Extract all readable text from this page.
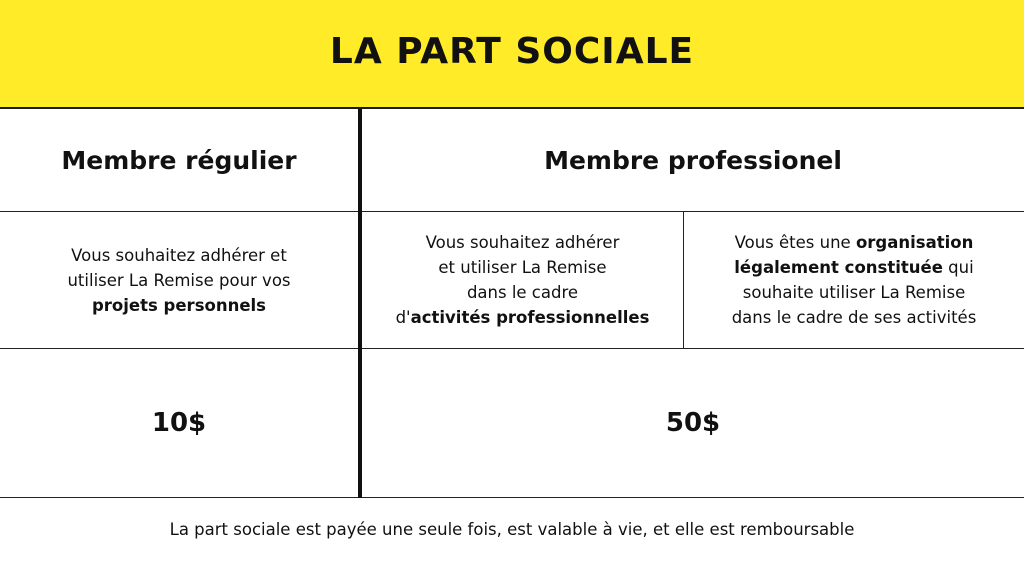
LA PART SOCIALE
Membre régulier	Membre professionel
Vous souhaitez adhérer et
utiliser La Remise pour vos
projets personnels
Vous souhaitez adhérer
et utiliser La Remise
dans le cadre
d'activités professionnelles
Vous êtes une organisation
légalement constituée qui
souhaite utiliser La Remise
dans le cadre de ses activités
10$	50$
La part sociale est payée une seule fois, est valable à vie, et elle est remboursable
